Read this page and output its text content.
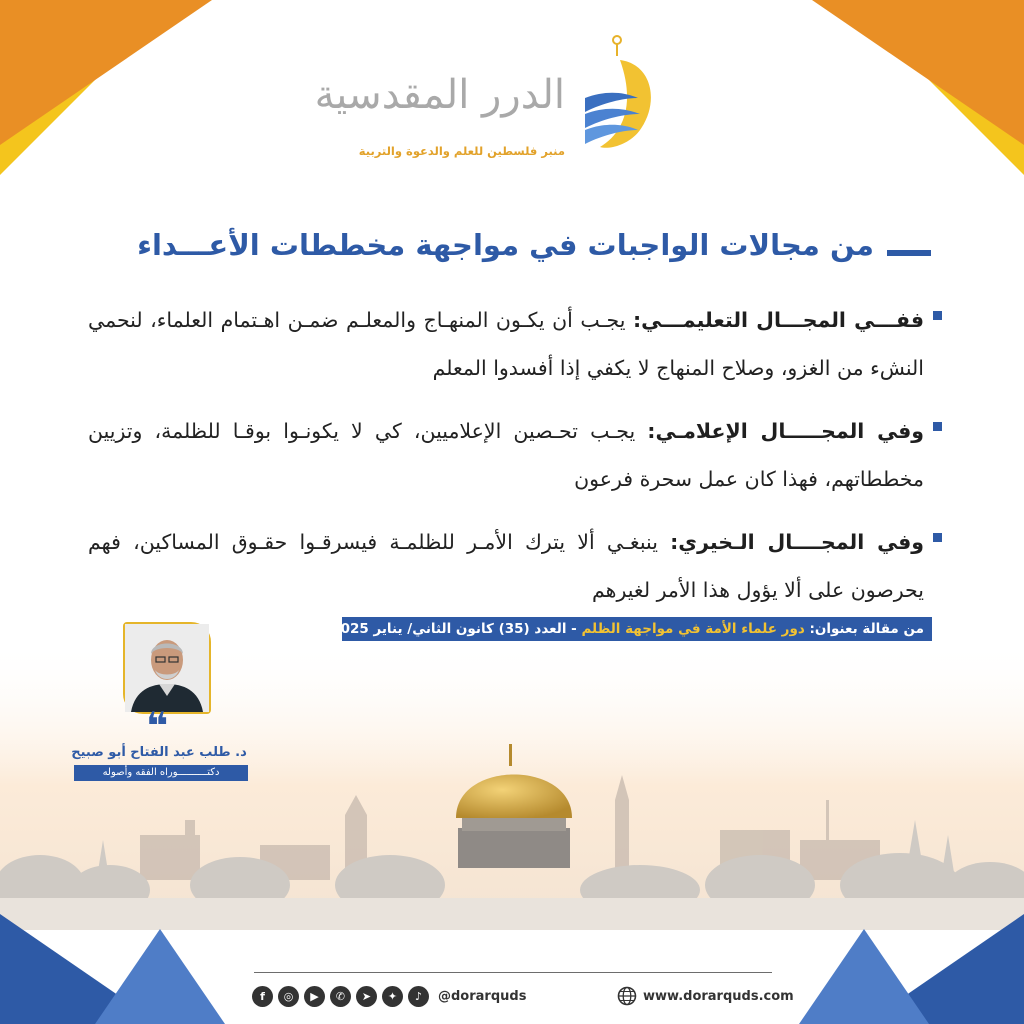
الدرر المقدسية
منبر فلسطين للعلم والدعوة والتربية
من مجالات الواجبات في مواجهة مخططات الأعـــداء

ففـــي المجـــال التعليمـــي: يجـب أن يكـون المنهـاج والمعلـم ضمـن اهـتمام العلماء، لنحمي النشء من الغزو، وصلاح المنهاج لا يكفي إذا أفسدوا المعلم

وفي المجـــــال الإعلامـي: يجـب تحـصين الإعلاميين، كي لا يكونـوا بوقـا للظلمة، وتزيين مخططاتهم، فهذا كان عمل سحرة فرعون

وفي المجــــال الـخيري: ينبغـي ألا يترك الأمـر للظلمـة فيسرقـوا حقـوق المساكين، فهم يحرصون على ألا يؤول هذا الأمر لغيرهم

من مقالة بعنوان: دور علماء الأمة في مواجهة الظلم - العدد (35) كانون الثاني/ يناير 2025م
❝
د. طلب عبد الفتاح أبو صبيح
دكتــــــــــوراه الفقه وأصوله
f	◎	▶	✆	➤	✦	♪	@dorarquds	www.dorarquds.com
